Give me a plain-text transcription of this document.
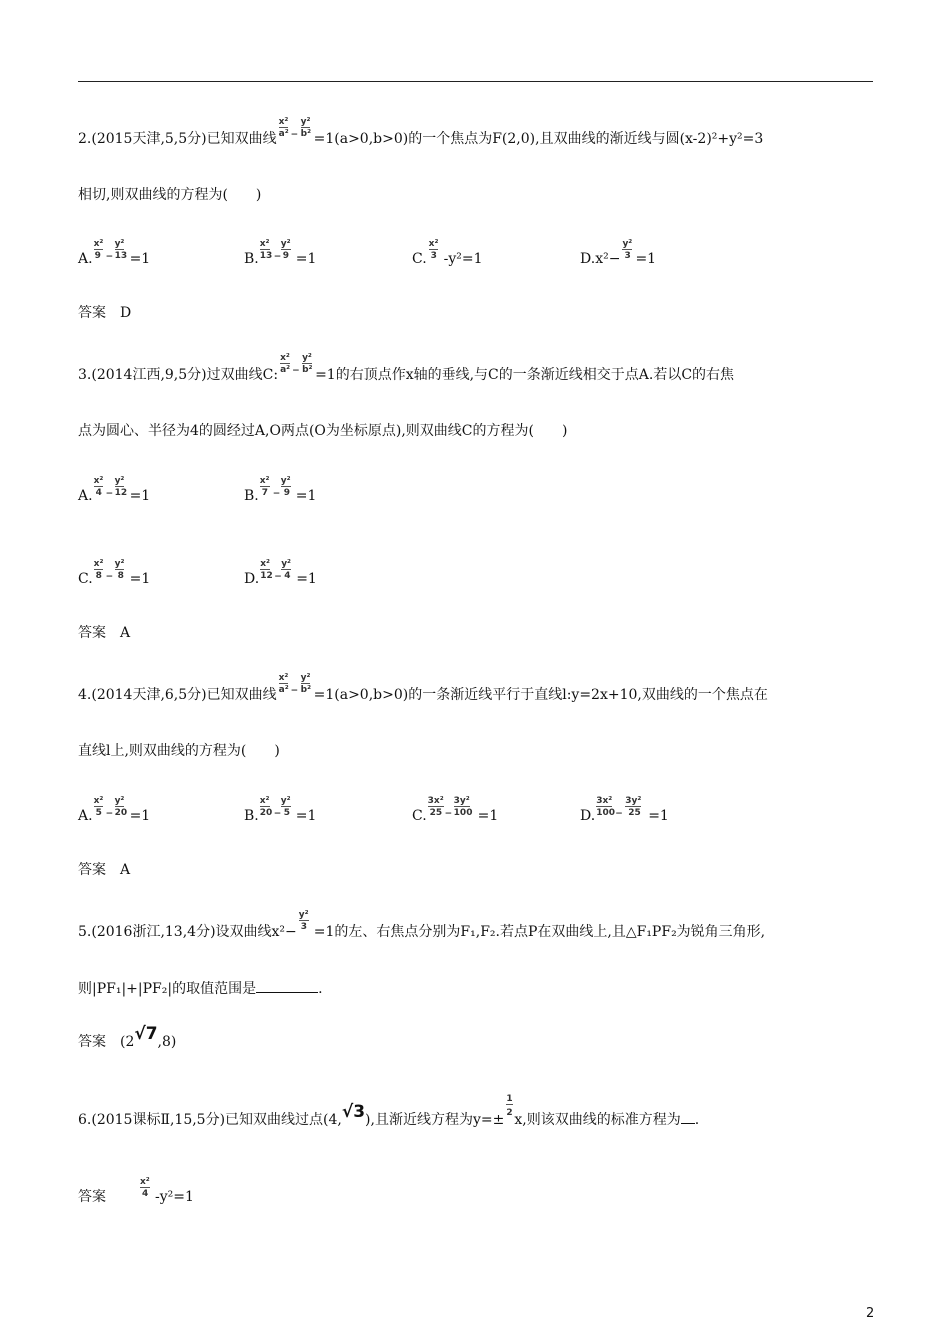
2.(2015天津,5,5分)已知双曲线
x²
a² −
y²
b² =1(a>0,b>0)的一个焦点为F(2,0),且双曲线的渐近线与圆(x-2)²+y²=3
相切,则双曲线的方程为(　　)
A.
x²
9 −
y²
13 =1	B.
x²
13 −
y²
9 =1	C.
$\frac{\text{x²}}{3}$
-y²=1	D.x²−
$\frac{\text{y²}}{3}$
=1
答案　D
3.(2014江西,9,5分)过双曲线C:
x²
a² −
y²
b² =1的右顶点作x轴的垂线,与C的一条渐近线相交于点A.若以C的右焦
点为圆心、半径为4的圆经过A,O两点(O为坐标原点),则双曲线C的方程为(　　)
A.
x²
4 −
y²
12 =1	B.
x²
7 −
y²
9 =1
C.
x²
8 −
y²
8 =1	D.
x²
12 −
y²
4 =1
答案　A
4.(2014天津,6,5分)已知双曲线
x²
a² −
y²
b² =1(a>0,b>0)的一条渐近线平行于直线l:y=2x+10,双曲线的一个焦点在
直线l上,则双曲线的方程为(　　)
A.
x²
5 −
y²
20 =1	B.
x²
20 −
y²
5 =1	C.
3x²
25 −
3y²
100 =1	D.
3x²
100 −
3y²
25 =1
答案　A
5.(2016浙江,13,4分)设双曲线x²−
$\frac{\text{y²}}{3}$
=1的左、右焦点分别为F₁,F₂.若点P在双曲线上,且△F₁PF₂为锐角三角形,
则|PF₁|+|PF₂|的取值范围是	.
答案　(2√7,8)
6.(2015课标Ⅱ,15,5分)已知双曲线过点(4,√3),且渐近线方程为y=±
$\frac{1}{2}$
x,则该双曲线的标准方程为 .
答案　
$\frac{\text{x²}}{4}$
-y²=1
2
